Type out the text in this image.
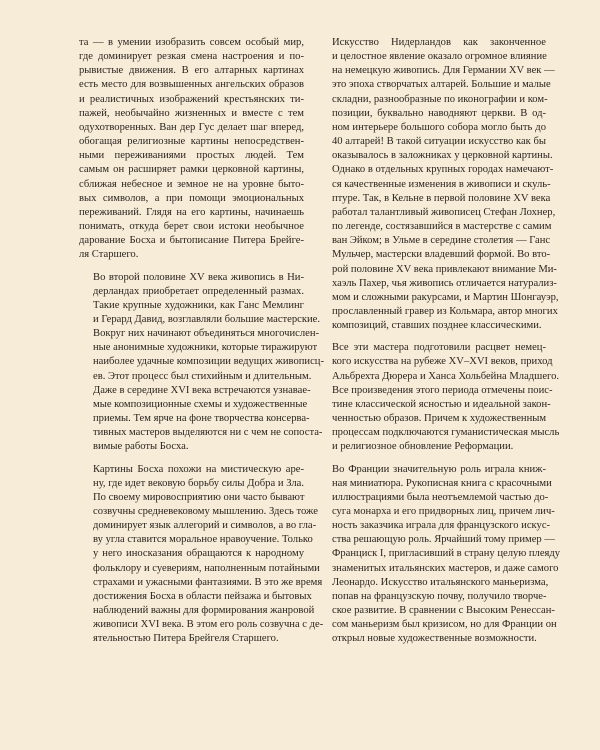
та — в умении изобразить совсем особый мир,
где доминирует резкая смена настроения и по-
рывистые движения. В его алтарных картинах
есть место для возвышенных ангельских образов
и реалистичных изображений крестьянских ти-
пажей, необычайно жизненных и вместе с тем
одухотворенных. Ван дер Гус делает шаг вперед,
обогащая религиозные картины непосредствен-
ными переживаниями простых людей. Тем
самым он расширяет рамки церковной картины,
сближая небесное и земное не на уровне быто-
вых символов, а при помощи эмоциональных
переживаний. Глядя на его картины, начинаешь
понимать, откуда берет свои истоки необычное
дарование Босха и бытописание Питера Брейге-
ля Старшего.

Во второй половине XV века живопись в Ни-
дерландах приобретает определенный размах.
Такие крупные художники, как Ганс Мемлинг
и Герард Давид, возглавляли большие мастерские.
Вокруг них начинают объединяться многочислен-
ные анонимные художники, которые тиражируют
наиболее удачные композиции ведущих живописц-
ев. Этот процесс был стихийным и длительным.
Даже в середине XVI века встречаются узнавае-
мые композиционные схемы и художественные
приемы. Тем ярче на фоне творчества консерва-
тивных мастеров выделяются ни с чем не сопоста-
вимые работы Босха.

Картины Босха похожи на мистическую аре-
ну, где идет вековую борьбу силы Добра и Зла.
По своему мировосприятию они часто бывают
созвучны средневековому мышлению. Здесь тоже
доминирует язык аллегорий и символов, а во гла-
ву угла ставится моральное нравоучение. Только
у него иносказания обращаются к народному
фольклору и суевериям, наполненным потайными
страхами и ужасными фантазиями. В это же время
достижения Босха в области пейзажа и бытовых
наблюдений важны для формирования жанровой
живописи XVI века. В этом его роль созвучна с де-
ятельностью Питера Брейгеля Старшего.

Искусство Нидерландов как законченное
и целостное явление оказало огромное влияние
на немецкую живопись. Для Германии XV век —
это эпоха створчатых алтарей. Большие и малые
складни, разнообразные по иконографии и ком-
позиции, буквально наводняют церкви. В од-
ном интерьере большого собора могло быть до
40 алтарей! В такой ситуации искусство как бы
оказывалось в заложниках у церковной картины.
Однако в отдельных крупных городах намечают-
ся качественные изменения в живописи и скуль-
птуре. Так, в Кельне в первой половине XV века
работал талантливый живописец Стефан Лохнер,
по легенде, состязавшийся в мастерстве с самим
ван Эйком; в Ульме в середине столетия — Ганс
Мульчер, мастерски владевший формой. Во вто-
рой половине XV века привлекают внимание Ми-
хаэль Пахер, чья живопись отличается натурализ-
мом и сложными ракурсами, и Мартин Шонгауэр,
прославленный гравер из Кольмара, автор многих
композиций, ставших позднее классическими.

Все эти мастера подготовили расцвет немец-
кого искусства на рубеже XV–XVI веков, приход
Альбрехта Дюрера и Ханса Хольбейна Младшего.
Все произведения этого периода отмечены поис-
тине классической ясностью и идеальной закон-
ченностью образов. Причем к художественным
процессам подключаются гуманистическая мысль
и религиозное обновление Реформации.

Во Франции значительную роль играла книж-
ная миниатюра. Рукописная книга с красочными
иллюстрациями была неотъемлемой частью до-
суга монарха и его придворных лиц, причем лич-
ность заказчика играла для французского искус-
ства решающую роль. Ярчайший тому пример —
Франциск I, пригласивший в страну целую плеяду
знаменитых итальянских мастеров, и даже самого
Леонардо. Искусство итальянского маньеризма,
попав на французскую почву, получило творче-
ское развитие. В сравнении с Высоким Ренессан-
сом маньеризм был кризисом, но для Франции он
открыл новые художественные возможности.
